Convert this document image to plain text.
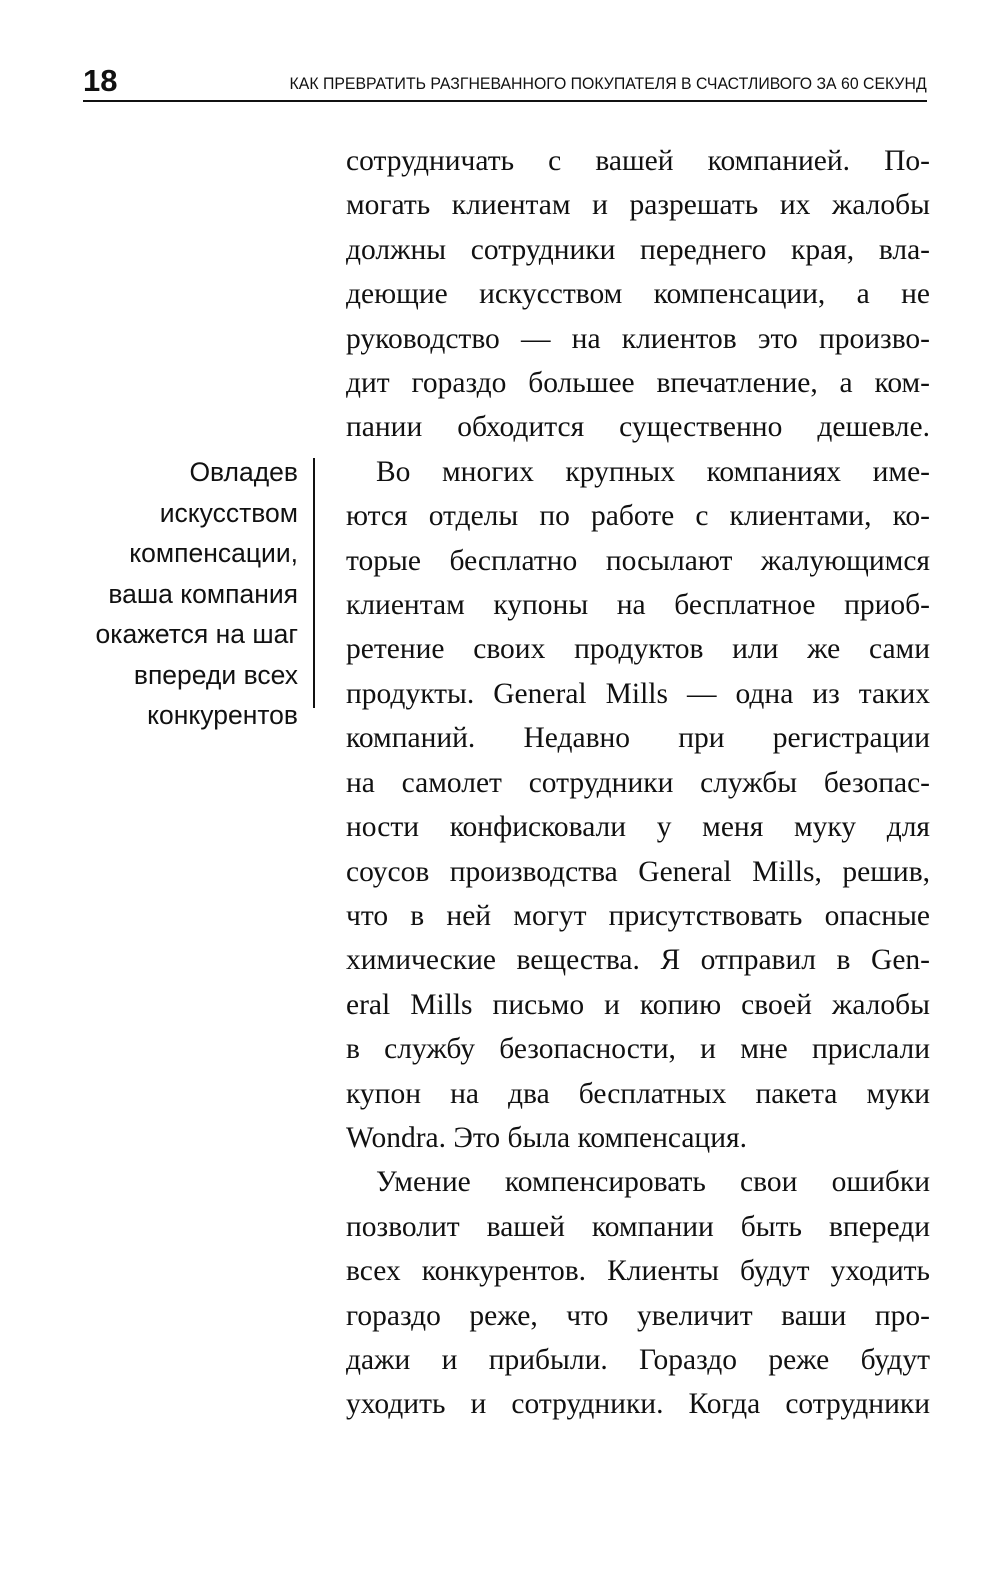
18	КАК ПРЕВРАТИТЬ РАЗГНЕВАННОГО ПОКУПАТЕЛЯ В СЧАСТЛИВОГО ЗА 60 СЕКУНД
Овладев
искусством
компенсации,
ваша компания
окажется на шаг
впереди всех
конкурентов
сотрудничать с вашей компанией. По-
могать клиентам и разрешать их жалобы
должны сотрудники переднего края, вла-
деющие искусством компенсации, а не
руководство — на клиентов это произво-
дит гораздо большее впечатление, а ком-
пании обходится существенно дешевле.
Во многих крупных компаниях име-
ются отделы по работе с клиентами, ко-
торые бесплатно посылают жалующимся
клиентам купоны на бесплатное приоб-
ретение своих продуктов или же сами
продукты. General Mills — одна из таких
компаний. Недавно при регистрации
на самолет сотрудники службы безопас-
ности конфисковали у меня муку для
соусов производства General Mills, решив,
что в ней могут присутствовать опасные
химические вещества. Я отправил в Gen-
eral Mills письмо и копию своей жалобы
в службу безопасности, и мне прислали
купон на два бесплатных пакета муки
Wondra. Это была компенсация.
Умение компенсировать свои ошибки
позволит вашей компании быть впереди
всех конкурентов. Клиенты будут уходить
гораздо реже, что увеличит ваши про-
дажи и прибыли. Гораздо реже будут
уходить и сотрудники. Когда сотрудники
